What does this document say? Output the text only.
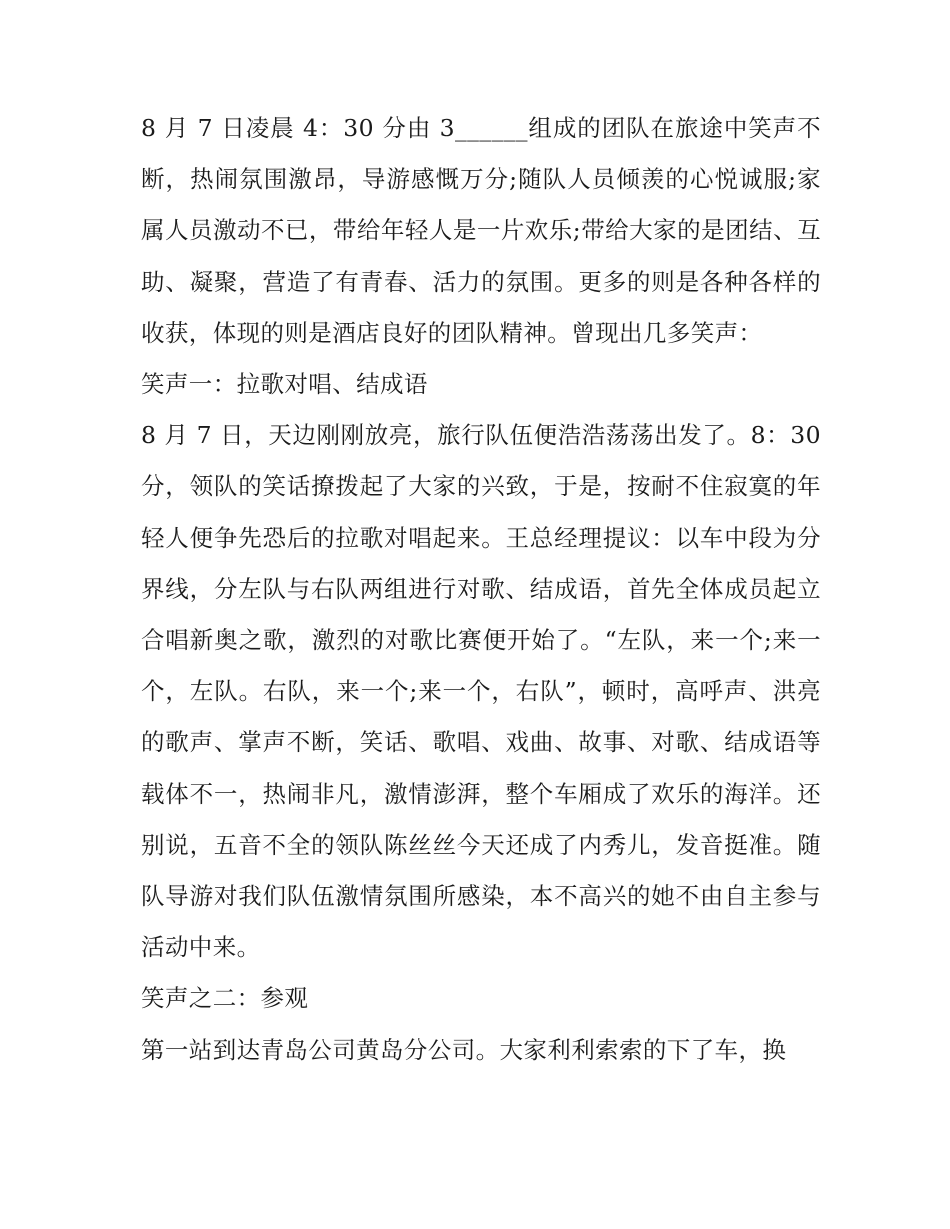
8 月 7 日凌晨 4：30 分由 3______组成的团队在旅途中笑声不断，热闹氛围激昂，导游感慨万分;随队人员倾羡的心悦诚服;家属人员激动不已，带给年轻人是一片欢乐;带给大家的是团结、互助、凝聚，营造了有青春、活力的氛围。更多的则是各种各样的收获，体现的则是酒店良好的团队精神。曾现出几多笑声：

笑声一：拉歌对唱、结成语

8 月 7 日，天边刚刚放亮，旅行队伍便浩浩荡荡出发了。8：30 分，领队的笑话撩拨起了大家的兴致，于是，按耐不住寂寞的年轻人便争先恐后的拉歌对唱起来。王总经理提议：以车中段为分界线，分左队与右队两组进行对歌、结成语，首先全体成员起立合唱新奥之歌，激烈的对歌比赛便开始了。“左队，来一个;来一个，左队。右队，来一个;来一个，右队”，顿时，高呼声、洪亮的歌声、掌声不断，笑话、歌唱、戏曲、故事、对歌、结成语等载体不一，热闹非凡，激情澎湃，整个车厢成了欢乐的海洋。还别说，五音不全的领队陈丝丝今天还成了内秀儿，发音挺准。随队导游对我们队伍激情氛围所感染，本不高兴的她不由自主参与活动中来。

笑声之二：参观

第一站到达青岛公司黄岛分公司。大家利利索索的下了车，换
